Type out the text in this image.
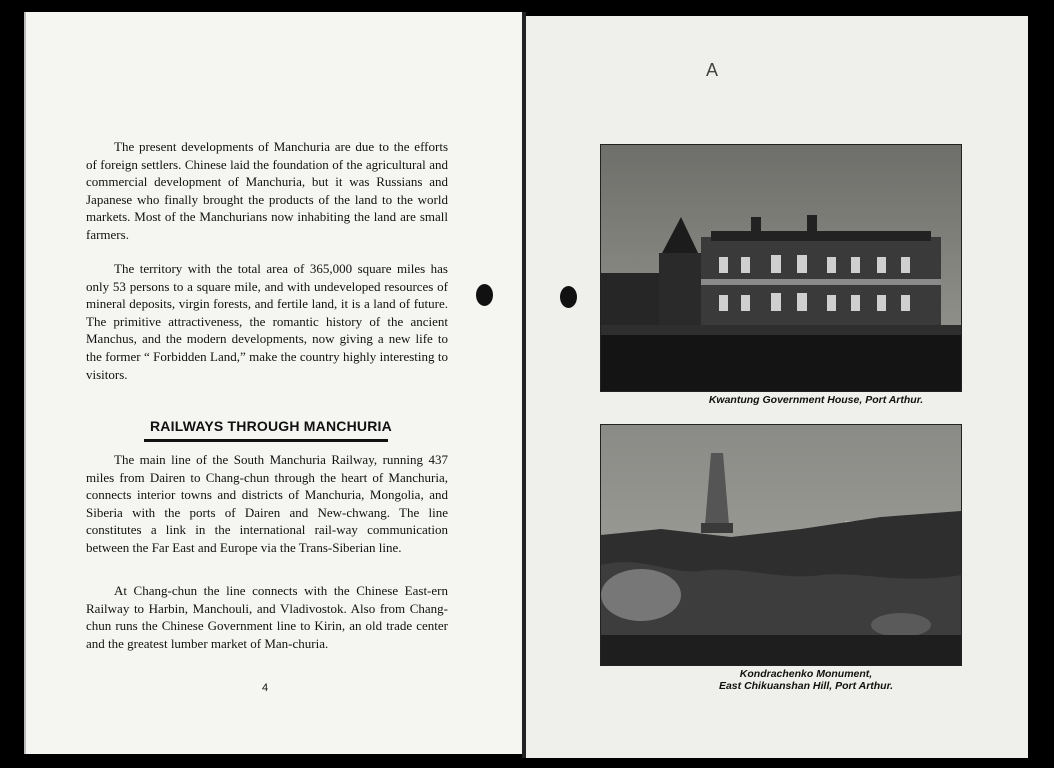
The present developments of Manchuria are due to the efforts of foreign settlers. Chinese laid the foundation of the agricultural and commercial development of Manchuria, but it was Russians and Japanese who finally brought the products of the land to the world markets. Most of the Manchurians now inhabiting the land are small farmers.

The territory with the total area of 365,000 square miles has only 53 persons to a square mile, and with undeveloped resources of mineral deposits, virgin forests, and fertile land, it is a land of future. The primitive attractiveness, the romantic history of the ancient Manchus, and the modern developments, now giving a new life to the former “ Forbidden Land,” make the country highly interesting to visitors.

RAILWAYS THROUGH MANCHURIA

The main line of the South Manchuria Railway, running 437 miles from Dairen to Chang-chun through the heart of Manchuria, connects interior towns and districts of Manchuria, Mongolia, and Siberia with the ports of Dairen and New-chwang. The line constitutes a link in the international rail-way communication between the Far East and Europe via the Trans-Siberian line.

At Chang-chun the line connects with the Chinese East-ern Railway to Harbin, Manchouli, and Vladivostok. Also from Chang-chun runs the Chinese Government line to Kirin, an old trade center and the greatest lumber market of Man-churia.

4
A

Kwantung Government House, Port Arthur.

Kondrachenko Monument,

East Chikuanshan Hill, Port Arthur.
